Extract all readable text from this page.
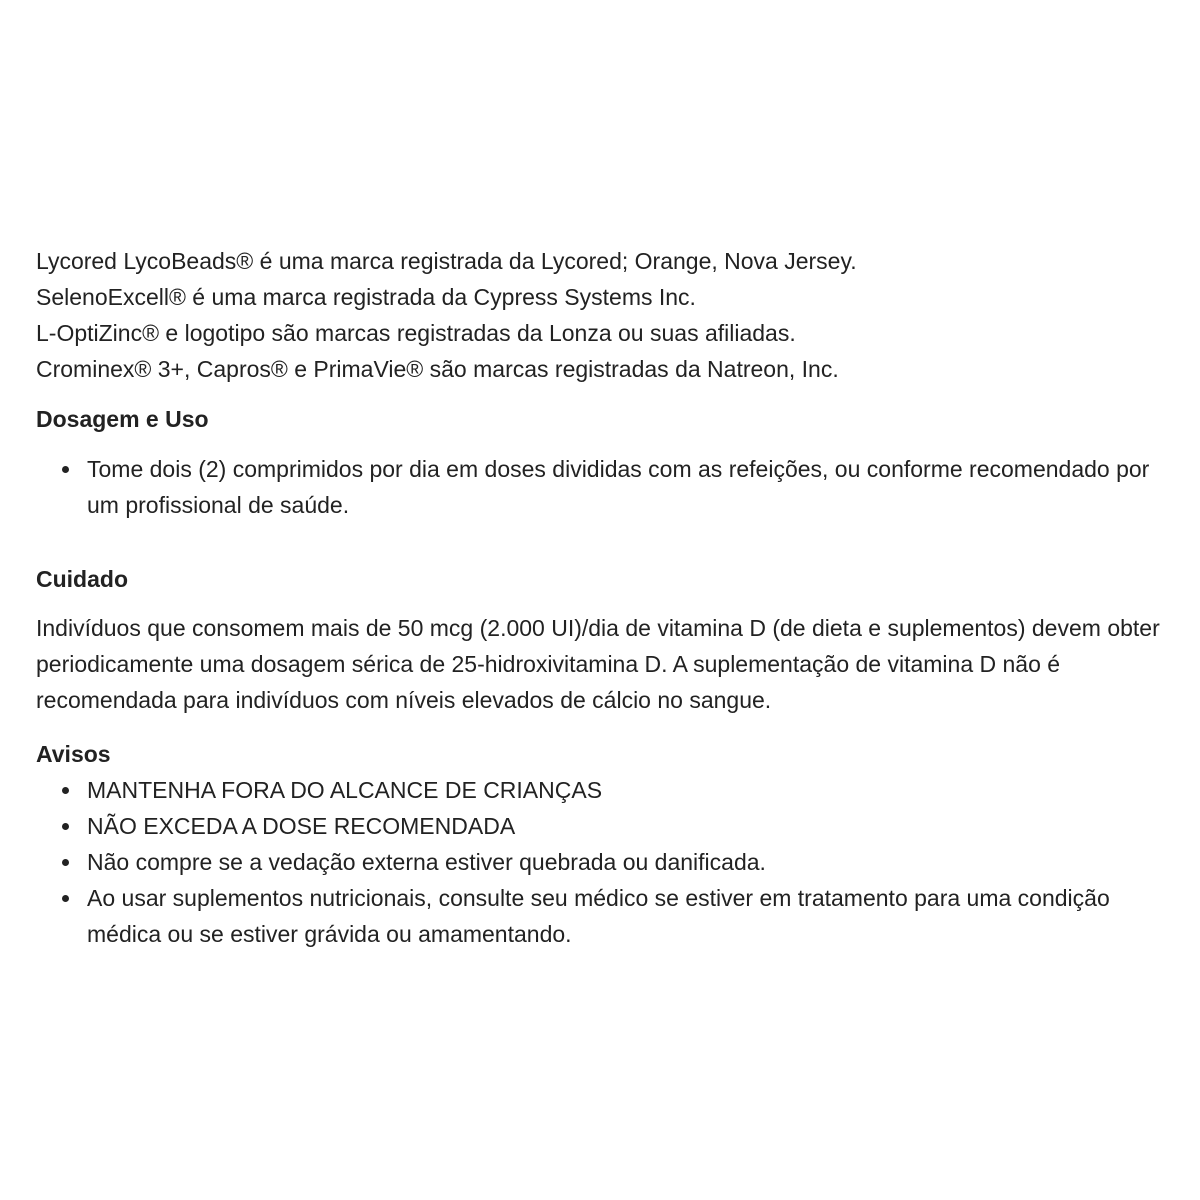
Lycored LycoBeads® é uma marca registrada da Lycored; Orange, Nova Jersey.

SelenoExcell® é uma marca registrada da Cypress Systems Inc.

L-OptiZinc® e logotipo são marcas registradas da Lonza ou suas afiliadas.

Crominex® 3+, Capros® e PrimaVie® são marcas registradas da Natreon, Inc.

Dosagem e Uso
Tome dois (2) comprimidos por dia em doses divididas com as refeições, ou conforme recomendado por um profissional de saúde.
Cuidado

Indivíduos que consomem mais de 50 mcg (2.000 UI)/dia de vitamina D (de dieta e suplementos) devem obter periodicamente uma dosagem sérica de 25-hidroxivitamina D. A suplementação de vitamina D não é recomendada para indivíduos com níveis elevados de cálcio no sangue.

Avisos
MANTENHA FORA DO ALCANCE DE CRIANÇAS
NÃO EXCEDA A DOSE RECOMENDADA
Não compre se a vedação externa estiver quebrada ou danificada.
Ao usar suplementos nutricionais, consulte seu médico se estiver em tratamento para uma condição médica ou se estiver grávida ou amamentando.
